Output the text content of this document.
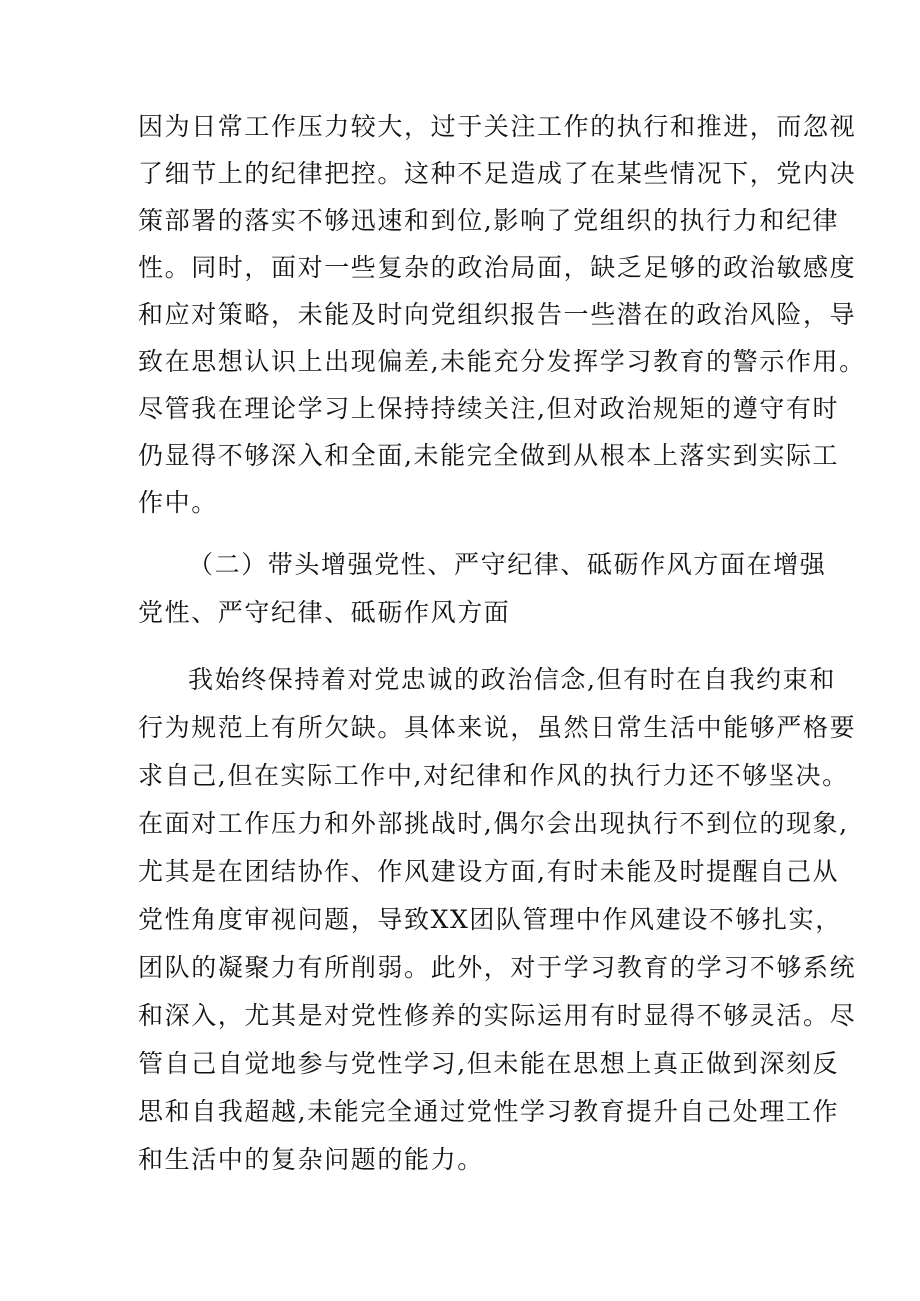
因为日常工作压力较大，过于关注工作的执行和推进，而忽视
了细节上的纪律把控。这种不足造成了在某些情况下，党内决
策部署的落实不够迅速和到位,影响了党组织的执行力和纪律
性。同时，面对一些复杂的政治局面，缺乏足够的政治敏感度
和应对策略，未能及时向党组织报告一些潜在的政治风险，导
致在思想认识上出现偏差,未能充分发挥学习教育的警示作用。
尽管我在理论学习上保持持续关注,但对政治规矩的遵守有时
仍显得不够深入和全面,未能完全做到从根本上落实到实际工
作中。
（二）带头增强党性、严守纪律、砥砺作风方面在增强
党性、严守纪律、砥砺作风方面
我始终保持着对党忠诚的政治信念,但有时在自我约束和
行为规范上有所欠缺。具体来说，虽然日常生活中能够严格要
求自己,但在实际工作中,对纪律和作风的执行力还不够坚决。
在面对工作压力和外部挑战时,偶尔会出现执行不到位的现象,
尤其是在团结协作、作风建设方面,有时未能及时提醒自己从
党性角度审视问题，导致XX团队管理中作风建设不够扎实，
团队的凝聚力有所削弱。此外，对于学习教育的学习不够系统
和深入，尤其是对党性修养的实际运用有时显得不够灵活。尽
管自己自觉地参与党性学习,但未能在思想上真正做到深刻反
思和自我超越,未能完全通过党性学习教育提升自己处理工作
和生活中的复杂问题的能力。
